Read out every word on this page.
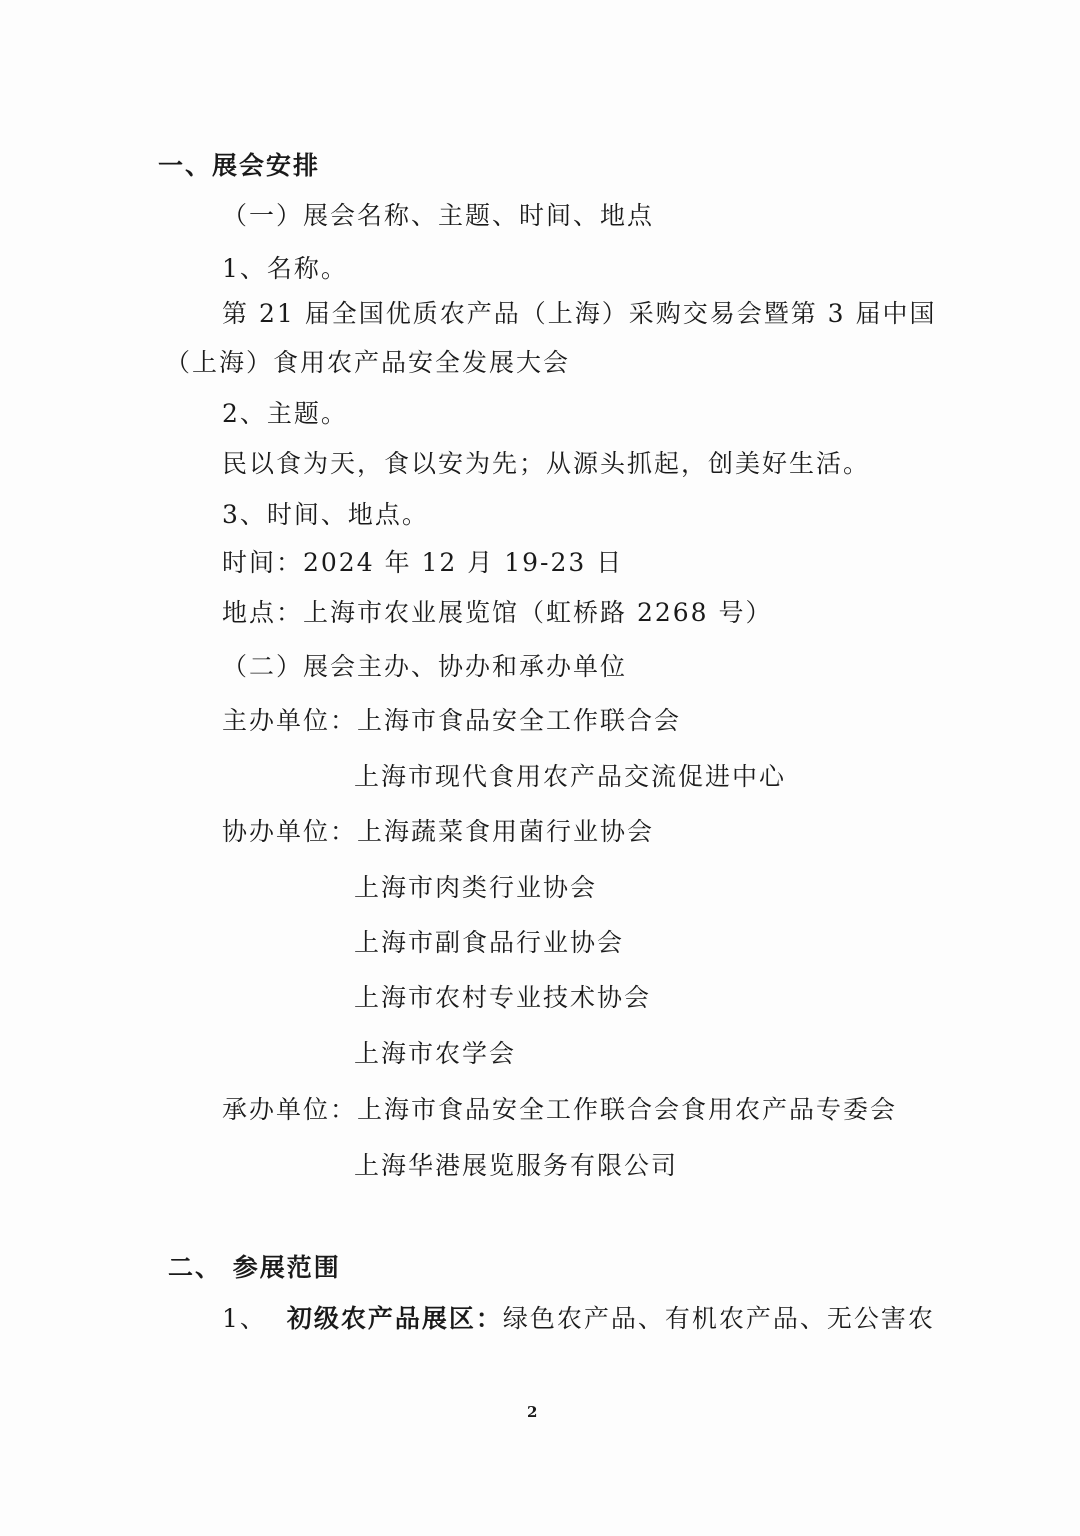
一、展会安排

（一）展会名称、主题、时间、地点

1、名称。

第 21 届全国优质农产品（上海）采购交易会暨第 3 届中国

（上海）食用农产品安全发展大会

2、主题。

民以食为天，食以安为先；从源头抓起，创美好生活。

3、时间、地点。

时间：2024 年 12 月 19-23 日

地点：上海市农业展览馆（虹桥路 2268 号）

（二）展会主办、协办和承办单位

主办单位：上海市食品安全工作联合会

上海市现代食用农产品交流促进中心

协办单位：上海蔬菜食用菌行业协会

上海市肉类行业协会

上海市副食品行业协会

上海市农村专业技术协会

上海市农学会

承办单位：上海市食品安全工作联合会食用农产品专委会

上海华港展览服务有限公司

二、 参展范围

1、 初级农产品展区：绿色农产品、有机农产品、无公害农

2
